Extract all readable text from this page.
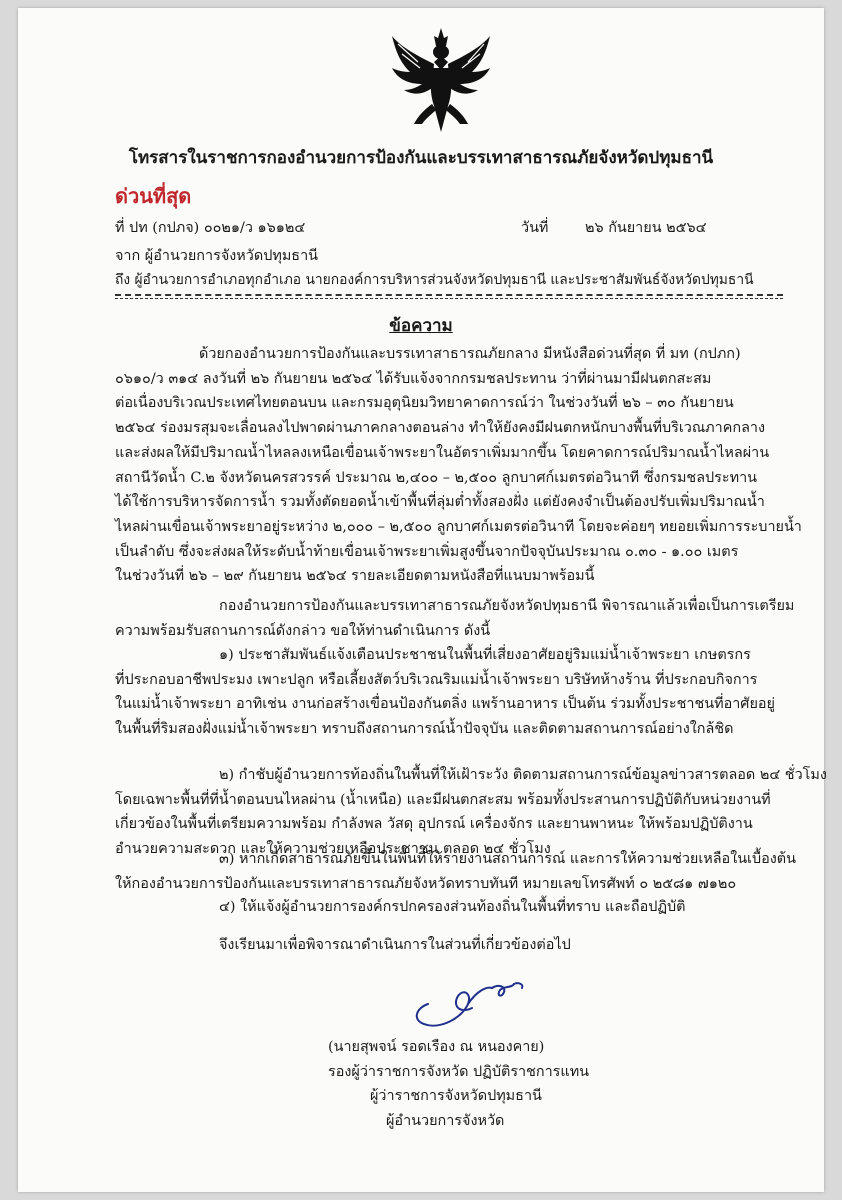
โทรสารในราชการกองอำนวยการป้องกันและบรรเทาสาธารณภัยจังหวัดปทุมธานี
ด่วนที่สุด
ที่ ปท (กปภจ) ๐๐๒๑/ว ๑๖๑๒๔	วันที่	๒๖ กันยายน ๒๕๖๔
จาก ผู้อำนวยการจังหวัดปทุมธานี
ถึง ผู้อำนวยการอำเภอทุกอำเภอ นายกองค์การบริหารส่วนจังหวัดปทุมธานี และประชาสัมพันธ์จังหวัดปทุมธานี
ข้อความ
ด้วยกองอำนวยการป้องกันและบรรเทาสาธารณภัยกลาง มีหนังสือด่วนที่สุด ที่ มท (กปภก)
๐๖๑๐/ว ๓๑๔ ลงวันที่ ๒๖ กันยายน ๒๕๖๔ ได้รับแจ้งจากกรมชลประทาน ว่าที่ผ่านมามีฝนตกสะสม
ต่อเนื่องบริเวณประเทศไทยตอนบน และกรมอุตุนิยมวิทยาคาดการณ์ว่า ในช่วงวันที่ ๒๖ – ๓๐ กันยายน
๒๕๖๔ ร่องมรสุมจะเลื่อนลงไปพาดผ่านภาคกลางตอนล่าง ทำให้ยังคงมีฝนตกหนักบางพื้นที่บริเวณภาคกลาง
และส่งผลให้มีปริมาณน้ำไหลลงเหนือเขื่อนเจ้าพระยาในอัตราเพิ่มมากขึ้น โดยคาดการณ์ปริมาณน้ำไหลผ่าน
สถานีวัดน้ำ C.๒ จังหวัดนครสวรรค์ ประมาณ ๒,๔๐๐ – ๒,๕๐๐ ลูกบาศก์เมตรต่อวินาที ซึ่งกรมชลประทาน
ได้ใช้การบริหารจัดการน้ำ รวมทั้งตัดยอดน้ำเข้าพื้นที่ลุ่มต่ำทั้งสองฝั่ง แต่ยังคงจำเป็นต้องปรับเพิ่มปริมาณน้ำ
ไหลผ่านเขื่อนเจ้าพระยาอยู่ระหว่าง ๒,๐๐๐ – ๒,๕๐๐ ลูกบาศก์เมตรต่อวินาที โดยจะค่อยๆ ทยอยเพิ่มการระบายน้ำ
เป็นลำดับ ซึ่งจะส่งผลให้ระดับน้ำท้ายเขื่อนเจ้าพระยาเพิ่มสูงขึ้นจากปัจจุบันประมาณ ๐.๓๐ - ๑.๐๐ เมตร
ในช่วงวันที่ ๒๖ – ๒๙ กันยายน ๒๕๖๔ รายละเอียดตามหนังสือที่แนบมาพร้อมนี้
กองอำนวยการป้องกันและบรรเทาสาธารณภัยจังหวัดปทุมธานี พิจารณาแล้วเพื่อเป็นการเตรียม
ความพร้อมรับสถานการณ์ดังกล่าว ขอให้ท่านดำเนินการ ดังนี้
๑) ประชาสัมพันธ์แจ้งเตือนประชาชนในพื้นที่เสี่ยงอาศัยอยู่ริมแม่น้ำเจ้าพระยา เกษตรกร
ที่ประกอบอาชีพประมง เพาะปลูก หรือเลี้ยงสัตว์บริเวณริมแม่น้ำเจ้าพระยา บริษัทห้างร้าน ที่ประกอบกิจการ
ในแม่น้ำเจ้าพระยา อาทิเช่น งานก่อสร้างเขื่อนป้องกันตลิ่ง แพร้านอาหาร เป็นต้น ร่วมทั้งประชาชนที่อาศัยอยู่
ในพื้นที่ริมสองฝั่งแม่น้ำเจ้าพระยา ทราบถึงสถานการณ์น้ำปัจจุบัน และติดตามสถานการณ์อย่างใกล้ชิด
๒) กำชับผู้อำนวยการท้องถิ่นในพื้นที่ให้เฝ้าระวัง ติดตามสถานการณ์ข้อมูลข่าวสารตลอด ๒๔ ชั่วโมง
โดยเฉพาะพื้นที่ที่น้ำตอนบนไหลผ่าน (น้ำเหนือ) และมีฝนตกสะสม พร้อมทั้งประสานการปฏิบัติกับหน่วยงานที่
เกี่ยวข้องในพื้นที่เตรียมความพร้อม กำลังพล วัสดุ อุปกรณ์ เครื่องจักร และยานพาหนะ ให้พร้อมปฏิบัติงาน
อำนวยความสะดวก และให้ความช่วยเหลือประชาชน ตลอด ๒๔ ชั่วโมง
๓) หากเกิดสาธารณภัยขึ้นในพื้นที่ให้รายงานสถานการณ์ และการให้ความช่วยเหลือในเบื้องต้น
ให้กองอำนวยการป้องกันและบรรเทาสาธารณภัยจังหวัดทราบทันที หมายเลขโทรศัพท์ ๐ ๒๕๘๑ ๗๑๒๐
๔) ให้แจ้งผู้อำนวยการองค์กรปกครองส่วนท้องถิ่นในพื้นที่ทราบ และถือปฏิบัติ
จึงเรียนมาเพื่อพิจารณาดำเนินการในส่วนที่เกี่ยวข้องต่อไป
(นายสุพจน์ รอดเรือง ณ หนองคาย)
รองผู้ว่าราชการจังหวัด ปฏิบัติราชการแทน
ผู้ว่าราชการจังหวัดปทุมธานี
ผู้อำนวยการจังหวัด
